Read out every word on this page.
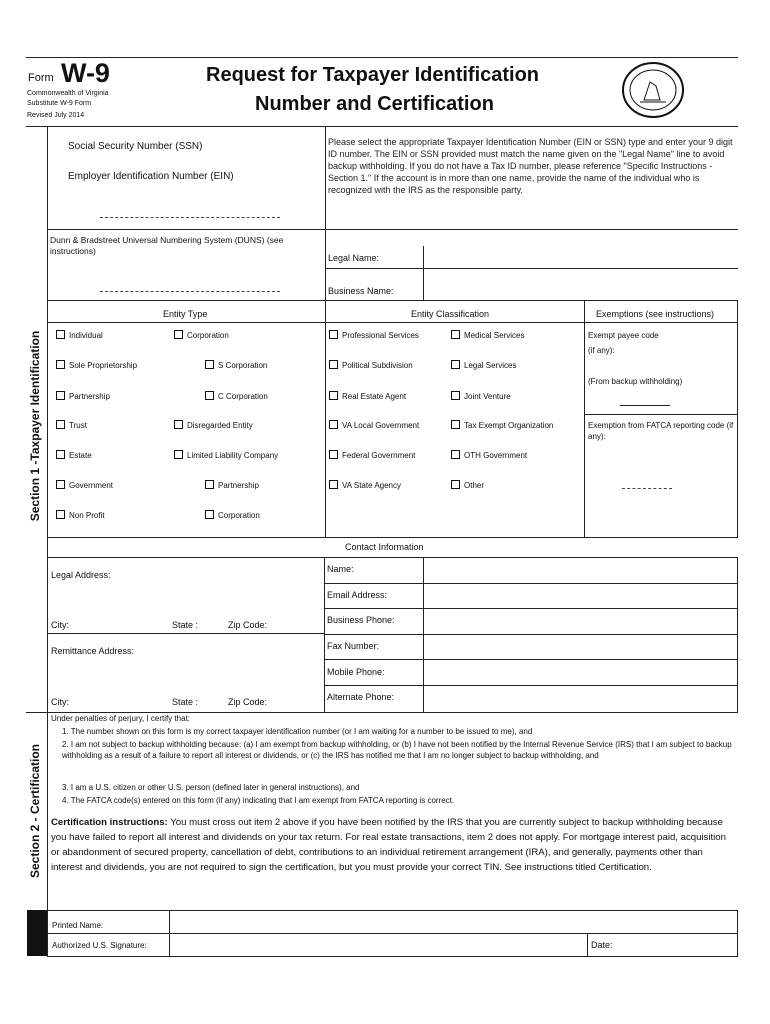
Form W-9
Commonwealth of Virginia
Substitute W-9 Form
Revised July 2014
Request for Taxpayer Identification
Number and Certification
Section 1 -Taxpayer Identification
Social Security Number (SSN)
Employer Identification Number (EIN)
Please select the appropriate Taxpayer Identification Number (EIN or SSN) type and enter your 9 digit ID number. The EIN or SSN provided must match the name given on the "Legal Name" line to avoid backup withholding. If you do not have a Tax ID number, please reference "Specific Instructions - Section 1." If the account is in more than one name, provide the name of the individual who is recognized with the IRS as the responsible party.
Dunn & Bradstreet Universal Numbering System (DUNS) (see instructions)
Legal Name:
Business Name:
Entity Type	Entity Classification	Exemptions (see instructions)
Individual	Corporation
Sole Proprietorship	S Corporation
Partnership	C Corporation
Trust	Disregarded Entity
Estate	Limited Liability Company
Government	Partnership
Non Profit	Corporation
Professional Services	Medical Services
Political Subdivision	Legal Services
Real Estate Agent	Joint Venture
VA Local Government	Tax Exempt Organization
Federal Government	OTH Government
VA State Agency	Other
Exempt payee code
(if any):
(From backup withholding)
Exemption from FATCA reporting code (if any):
Contact Information
Legal Address:
City:	State :	Zip Code:
Remittance Address:
City:	State :	Zip Code:
Name:
Email Address:
Business Phone:
Fax Number:
Mobile Phone:
Alternate Phone:
Section 2 - Certification
Under penalties of perjury, I certify that:
1. The number shown on this form is my correct taxpayer identification number (or I am waiting for a number to be issued to me), and
2. I am not subject to backup withholding because: (a) I am exempt from backup withholding, or (b) I have not been notified by the Internal Revenue Service (IRS) that I am subject to backup withholding as a result of a failure to report all interest or dividends, or (c) the IRS has notified me that I am no longer subject to backup withholding, and
3. I am a U.S. citizen or other U.S. person (defined later in general instructions), and
4. The FATCA code(s) entered on this form (if any) indicating that I am exempt from FATCA reporting is correct.
Certification instructions: You must cross out item 2 above if you have been notified by the IRS that you are currently subject to backup withholding because you have failed to report all interest and dividends on your tax return. For real estate transactions, item 2 does not apply. For mortgage interest paid, acquisition or abandonment of secured property, cancellation of debt, contributions to an individual retirement arrangement (IRA), and generally, payments other than interest and dividends, you are not required to sign the certification, but you must provide your correct TIN. See instructions titled Certification.
Printed Name:
Authorized U.S. Signature:	Date:
